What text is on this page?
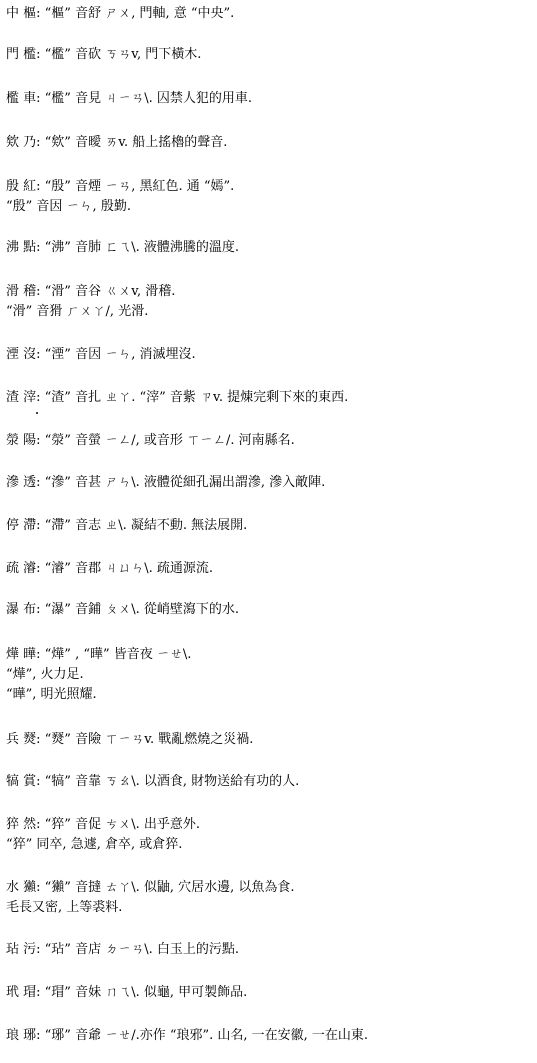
中 樞: “樞” 音舒 ㄕㄨ, 門軸, 意 “中央”.
門 檻: “檻” 音砍 ㄎㄢv, 門下橫木.
檻 車: “檻” 音見 ㄐㄧㄢ\. 囚禁人犯的用車.
欸 乃: “欸” 音曖 ㄞv. 船上搖櫓的聲音.
殷 紅: “殷” 音煙 ㄧㄢ, 黑紅色. 通 “嫣”.
“殷” 音因 ㄧㄣ, 殷勤.
沸 點: “沸” 音肺 ㄈㄟ\. 液體沸騰的溫度.
滑 稽: “滑” 音谷 ㄍㄨv, 滑稽.
“滑” 音猾 ㄏㄨㄚ/, 光滑.
湮 沒: “湮” 音因 ㄧㄣ, 消滅埋沒.
渣 滓: “渣” 音扎 ㄓㄚ. “滓” 音紫 ㄗv. 提煉完剩下來的東西.
滎 陽: “滎” 音螢 ㄧㄥ/, 或音形 ㄒㄧㄥ/. 河南縣名.
滲 透: “滲” 音甚 ㄕㄣ\. 液體從細孔漏出謂滲, 滲入敵陣.
停 滯: “滯” 音志 ㄓ\. 凝結不動. 無法展開.
疏 濬: “濬” 音郡 ㄐㄩㄣ\. 疏通源流.
瀑 布: “瀑” 音鋪 ㄆㄨ\. 從峭壁瀉下的水.
燁 曄: “燁” , “曄” 皆音夜 ㄧㄝ\.
“燁”, 火力足.
“曄”, 明光照耀.
兵 燹: “燹” 音險 ㄒㄧㄢv. 戰亂燃燒之災禍.
犒 賞: “犒” 音靠 ㄎㄠ\. 以酒食, 財物送給有功的人.
猝 然: “猝” 音促 ㄘㄨ\. 出乎意外.
“猝” 同卒, 急遽, 倉卒, 或倉猝.
水 獺: “獺” 音撻 ㄊㄚ\. 似鼬, 穴居水邊, 以魚為食.
毛長又密, 上等裘料.
玷 污: “玷” 音店 ㄉㄧㄢ\. 白玉上的污點.
玳 瑁: “瑁” 音妹 ㄇㄟ\. 似龜, 甲可製飾品.
琅 琊: “琊” 音爺 ㄧㄝ/.亦作 “琅邪”. 山名, 一在安徽, 一在山東.
